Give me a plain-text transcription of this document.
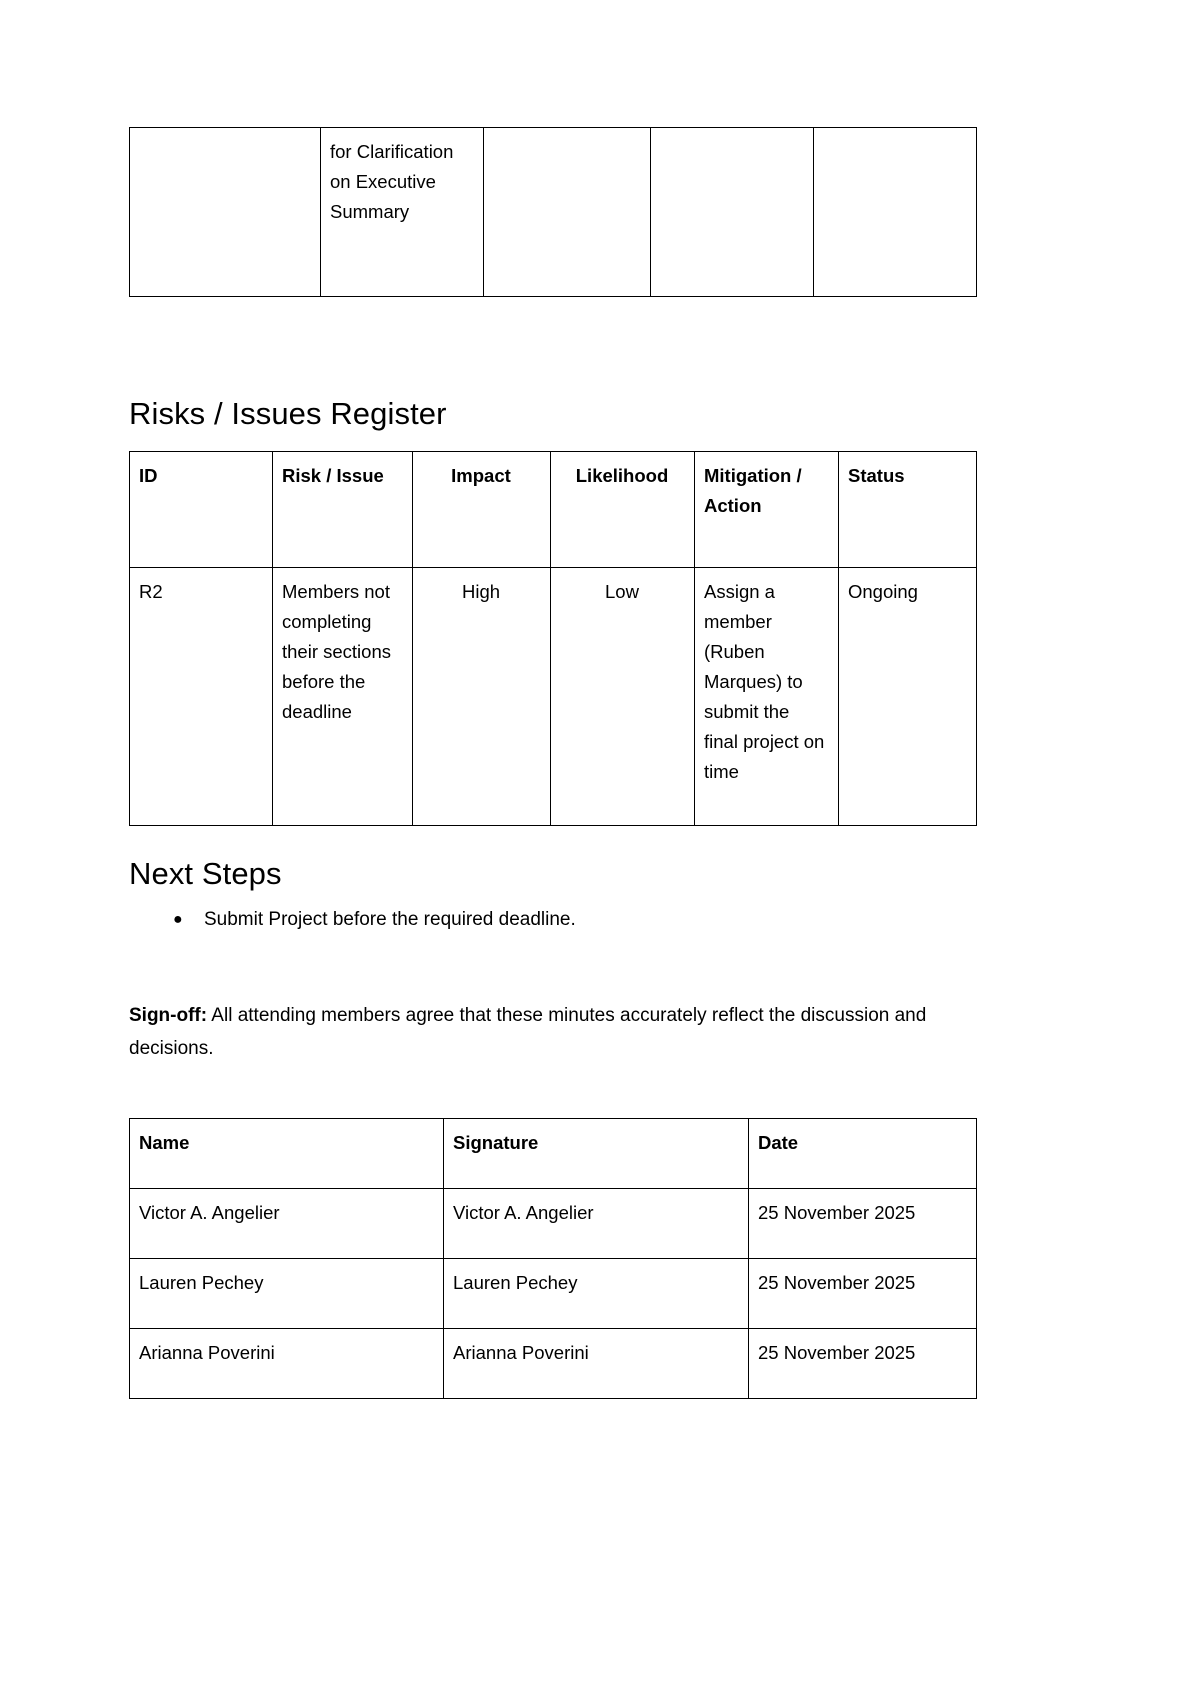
	for Clarification on Executive Summary			
Risks / Issues Register
ID	Risk / Issue	Impact	Likelihood	Mitigation / Action	Status
R2	Members not completing their sections before the deadline	High	Low	Assign a member (Ruben Marques) to submit the final project on time	Ongoing
Next Steps
● Submit Project before the required deadline.

Sign-off: All attending members agree that these minutes accurately reflect the discussion and decisions.

Name	Signature	Date
Victor A. Angelier	Victor A. Angelier	25 November 2025
Lauren Pechey	Lauren Pechey	25 November 2025
Arianna Poverini	Arianna Poverini	25 November 2025
